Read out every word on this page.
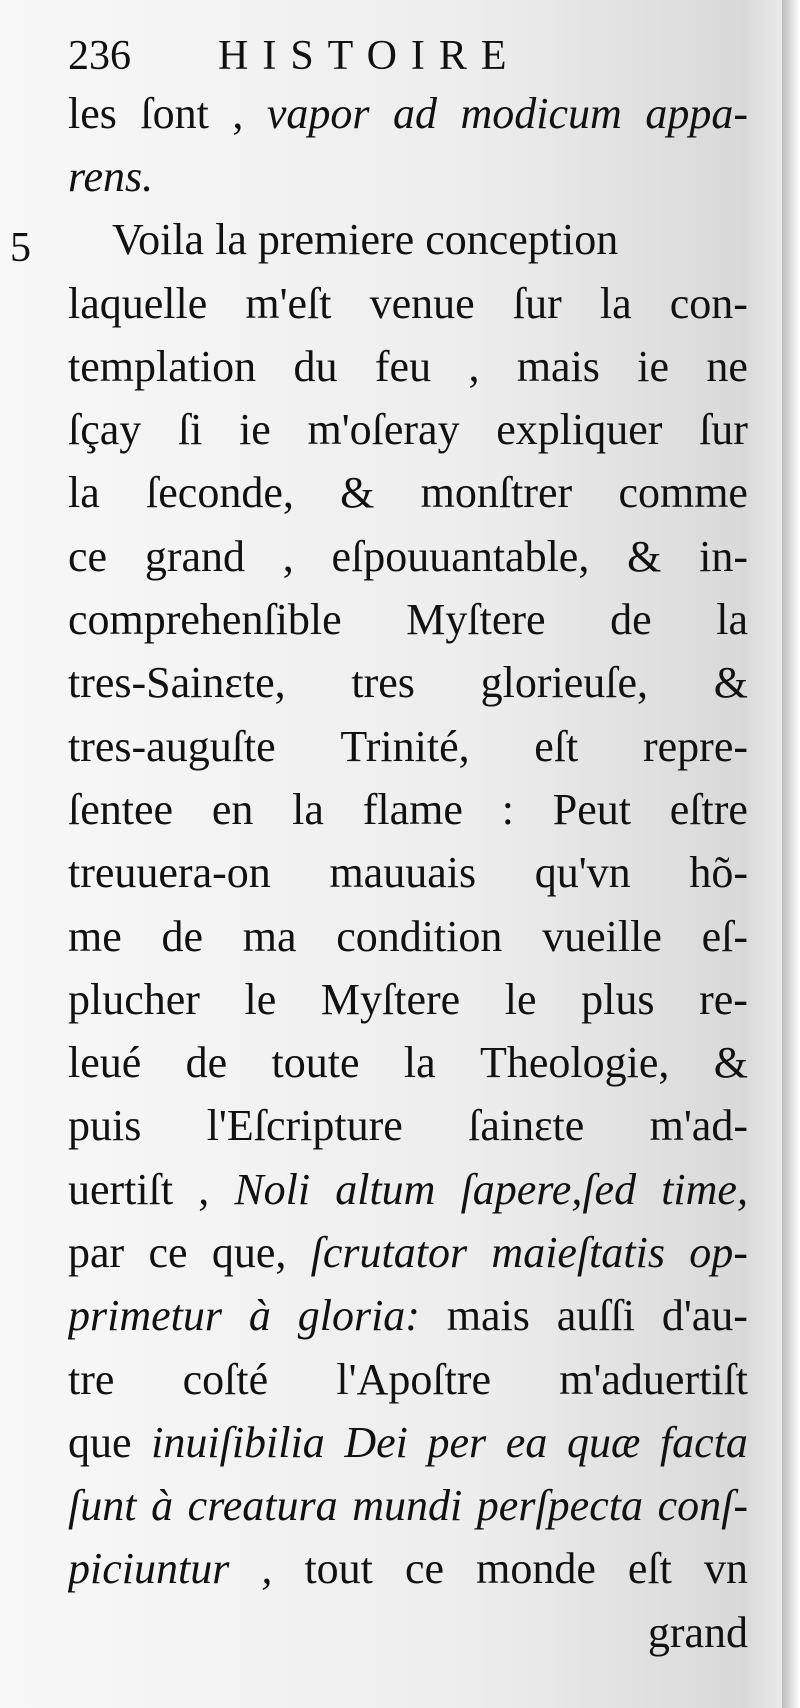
236 HISTOIRE
5
les ſont , vapor ad modicum appa-
rens.
Voila
la
premiere
conception
laquelle m'eſt venue ſur la con-
templation du feu , mais ie ne
ſçay ſi ie m'oſeray expliquer ſur
la ſeconde, & monſtrer comme
ce grand , eſpouuantable, & in-
comprehenſible Myſtere de la
tres-Sainɛte, tres glorieuſe, &
tres-auguſte Trinité, eſt repre-
ſentee en la flame : Peut eſtre
treuuera-on mauuais qu'vn hõ-
me de ma condition vueille eſ-
plucher le Myſtere le plus re-
leué de toute la Theologie, &
puis l'Eſcripture ſainɛte m'ad-
uertiſt , Noli altum ſapere,ſed time,
par ce que, ſcrutator maieſtatis op-
primetur à gloria: mais auſſi d'au-
tre coſté l'Apoſtre m'aduertiſt
que inuiſibilia Dei per ea quæ facta
ſunt à creatura mundi perſpecta conſ-
piciuntur , tout ce monde eſt vn
grand
